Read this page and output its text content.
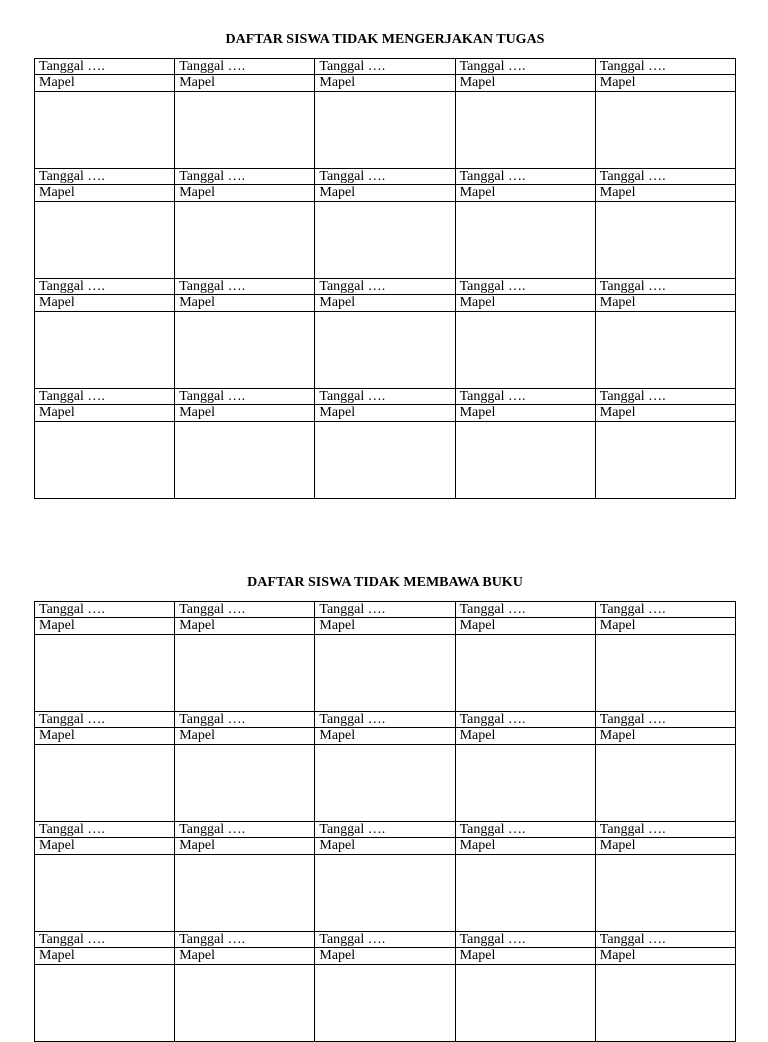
DAFTAR SISWA TIDAK MENGERJAKAN TUGAS
Tanggal ….	Tanggal ….	Tanggal ….	Tanggal ….	Tanggal ….
Mapel	Mapel	Mapel	Mapel	Mapel

Tanggal ….	Tanggal ….	Tanggal ….	Tanggal ….	Tanggal ….
Mapel	Mapel	Mapel	Mapel	Mapel

Tanggal ….	Tanggal ….	Tanggal ….	Tanggal ….	Tanggal ….
Mapel	Mapel	Mapel	Mapel	Mapel

Tanggal ….	Tanggal ….	Tanggal ….	Tanggal ….	Tanggal ….
Mapel	Mapel	Mapel	Mapel	Mapel

DAFTAR SISWA TIDAK MEMBAWA BUKU
Tanggal ….	Tanggal ….	Tanggal ….	Tanggal ….	Tanggal ….
Mapel	Mapel	Mapel	Mapel	Mapel

Tanggal ….	Tanggal ….	Tanggal ….	Tanggal ….	Tanggal ….
Mapel	Mapel	Mapel	Mapel	Mapel

Tanggal ….	Tanggal ….	Tanggal ….	Tanggal ….	Tanggal ….
Mapel	Mapel	Mapel	Mapel	Mapel

Tanggal ….	Tanggal ….	Tanggal ….	Tanggal ….	Tanggal ….
Mapel	Mapel	Mapel	Mapel	Mapel
